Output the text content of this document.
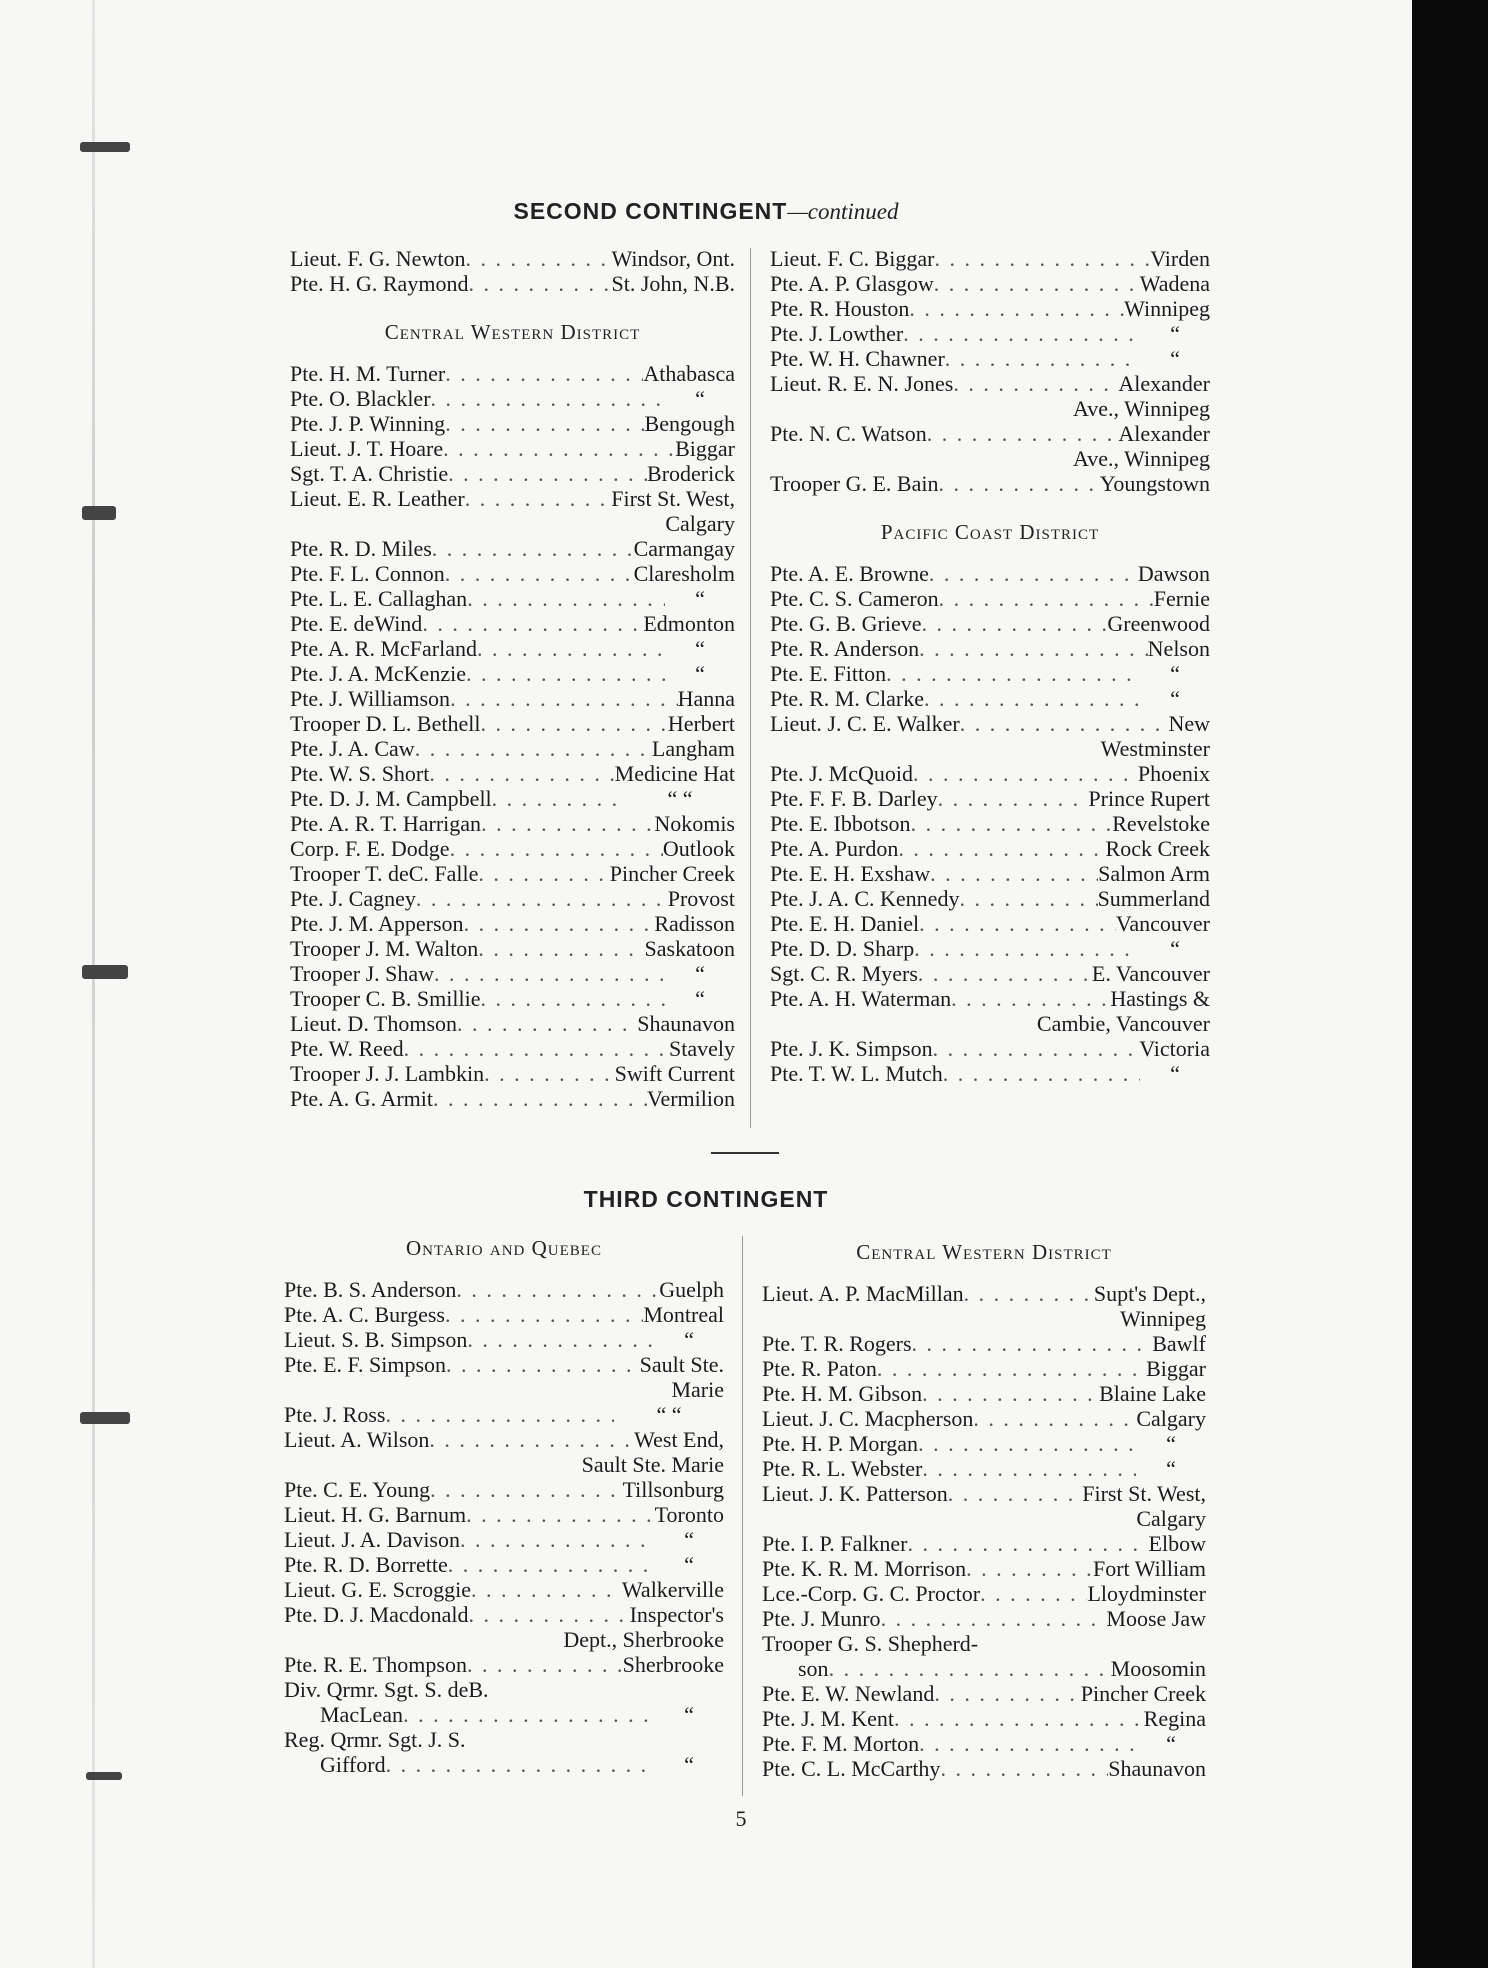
SECOND CONTINGENT—continued
Lieut. F. G. Newton . . .	Windsor, Ont.
Pte. H. G. Raymond . . .	St. John, N.B.
Central Western District
Pte. H. M. Turner . . .	Athabasca
Pte. O. Blackler . . .	“
Pte. J. P. Winning . . .	Bengough
Lieut. J. T. Hoare . . .	Biggar
Sgt. T. A. Christie . . .	Broderick
Lieut. E. R. Leather . . .	First St. West,
Calgary
Pte. R. D. Miles . . .	Carmangay
Pte. F. L. Connon . . .	Claresholm
Pte. L. E. Callaghan . . .	“
Pte. E. deWind . . .	Edmonton
Pte. A. R. McFarland . . .	“
Pte. J. A. McKenzie . . .	“
Pte. J. Williamson . . .	Hanna
Trooper D. L. Bethell . . .	Herbert
Pte. J. A. Caw . . .	Langham
Pte. W. S. Short . . .	Medicine Hat
Pte. D. J. M. Campbell . . .	“ “
Pte. A. R. T. Harrigan . . .	Nokomis
Corp. F. E. Dodge . . .	Outlook
Trooper T. deC. Falle . . .	Pincher Creek
Pte. J. Cagney . . .	Provost
Pte. J. M. Apperson . . .	Radisson
Trooper J. M. Walton . . .	Saskatoon
Trooper J. Shaw . . .	“
Trooper C. B. Smillie . . .	“
Lieut. D. Thomson . . .	Shaunavon
Pte. W. Reed . . .	Stavely
Trooper J. J. Lambkin . . .	Swift Current
Pte. A. G. Armit . . .	Vermilion
Lieut. F. C. Biggar . . .	Virden
Pte. A. P. Glasgow . . .	Wadena
Pte. R. Houston . . .	Winnipeg
Pte. J. Lowther . . .	“
Pte. W. H. Chawner . . .	“
Lieut. R. E. N. Jones . . .	Alexander
Ave., Winnipeg
Pte. N. C. Watson . . .	Alexander
Ave., Winnipeg
Trooper G. E. Bain . . .	Youngstown
Pacific Coast District
Pte. A. E. Browne . . .	Dawson
Pte. C. S. Cameron . . .	Fernie
Pte. G. B. Grieve . . .	Greenwood
Pte. R. Anderson . . .	Nelson
Pte. E. Fitton . . .	“
Pte. R. M. Clarke . . .	“
Lieut. J. C. E. Walker . . .	New
Westminster
Pte. J. McQuoid . . .	Phoenix
Pte. F. F. B. Darley . . .	Prince Rupert
Pte. E. Ibbotson . . .	Revelstoke
Pte. A. Purdon . . .	Rock Creek
Pte. E. H. Exshaw . . .	Salmon Arm
Pte. J. A. C. Kennedy . . .	Summerland
Pte. E. H. Daniel . . .	Vancouver
Pte. D. D. Sharp . . .	“
Sgt. C. R. Myers . . .	E. Vancouver
Pte. A. H. Waterman . . .	Hastings &
Cambie, Vancouver
Pte. J. K. Simpson . . .	Victoria
Pte. T. W. L. Mutch . . .	“
THIRD CONTINGENT
Ontario and Quebec
Pte. B. S. Anderson . . .	Guelph
Pte. A. C. Burgess . . .	Montreal
Lieut. S. B. Simpson . . .	“
Pte. E. F. Simpson . . .	Sault Ste.
Marie
Pte. J. Ross . . .	“ “
Lieut. A. Wilson . . .	West End,
Sault Ste. Marie
Pte. C. E. Young . . .	Tillsonburg
Lieut. H. G. Barnum . . .	Toronto
Lieut. J. A. Davison . . .	“
Pte. R. D. Borrette . . .	“
Lieut. G. E. Scroggie . . .	Walkerville
Pte. D. J. Macdonald . . .	Inspector's
Dept., Sherbrooke
Pte. R. E. Thompson . . .	Sherbrooke
Div. Qrmr. Sgt. S. deB.
MacLean . . .	“
Reg. Qrmr. Sgt. J. S.
Gifford . . .	“
Central Western District
Lieut. A. P. MacMillan . . .	Supt's Dept.,
Winnipeg
Pte. T. R. Rogers . . .	Bawlf
Pte. R. Paton . . .	Biggar
Pte. H. M. Gibson . . .	Blaine Lake
Lieut. J. C. Macpherson . . .	Calgary
Pte. H. P. Morgan . . .	“
Pte. R. L. Webster . . .	“
Lieut. J. K. Patterson . . .	First St. West,
Calgary
Pte. I. P. Falkner . . .	Elbow
Pte. K. R. M. Morrison . . .	Fort William
Lce.-Corp. G. C. Proctor . . .	Lloydminster
Pte. J. Munro . . .	Moose Jaw
Trooper G. S. Shepherd-
son . . .	Moosomin
Pte. E. W. Newland . . .	Pincher Creek
Pte. J. M. Kent . . .	Regina
Pte. F. M. Morton . . .	“
Pte. C. L. McCarthy . . .	Shaunavon
5
